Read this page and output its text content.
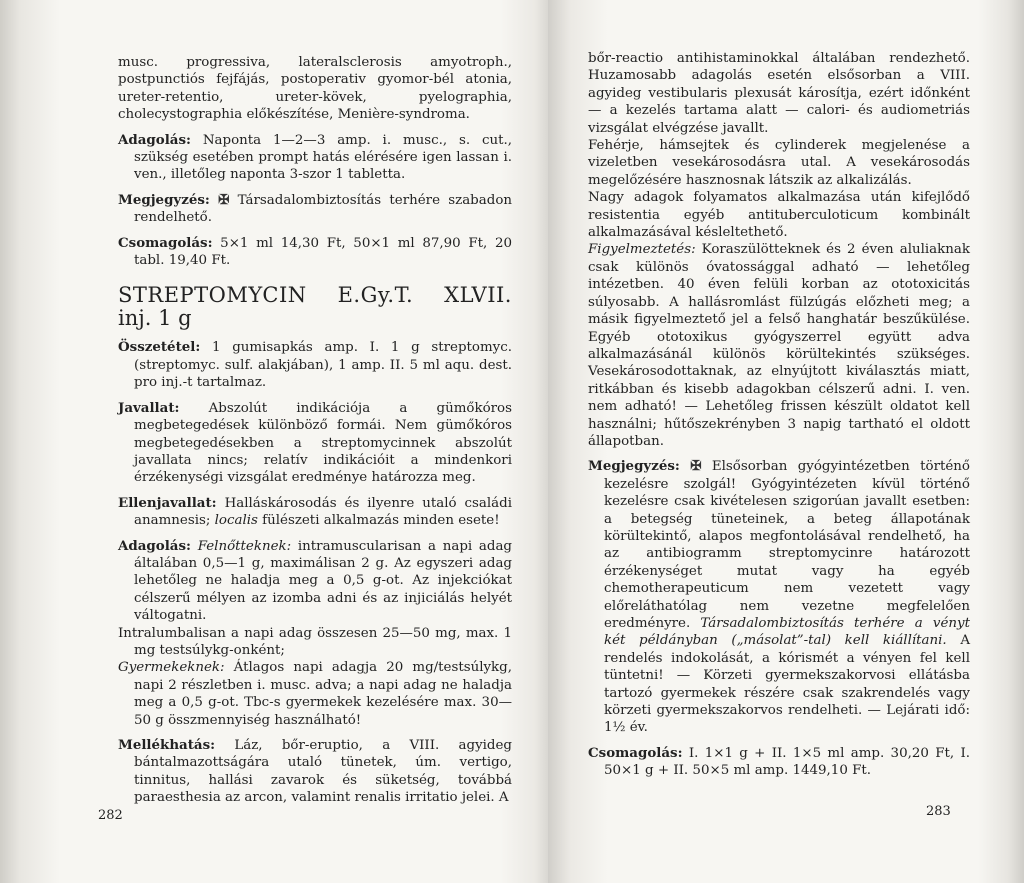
musc. progressiva, lateralsclerosis amyotroph., postpunctiós fejfájás, postoperativ gyomor-bél atonia, ureter-retentio, ureter-kövek, pyelographia, cholecystographia előkészítése, Menière-syndroma.

Adagolás: Naponta 1—2—3 amp. i. musc., s. cut., szükség esetében prompt hatás elérésére igen lassan i. ven., illetőleg naponta 3-szor 1 tabletta.

Megjegyzés: ✠ Társadalombiztosítás terhére szabadon rendelhető.

Csomagolás: 5×1 ml 14,30 Ft, 50×1 ml 87,90 Ft, 20 tabl. 19,40 Ft.

STREPTOMYCIN E.Gy.T. XLVII.
inj. 1 g

Összetétel: 1 gumisapkás amp. I. 1 g streptomyc. (streptomyc. sulf. alakjában), 1 amp. II. 5 ml aqu. dest. pro inj.-t tartalmaz.

Javallat: Abszolút indikációja a gümőkóros megbetegedések különböző formái. Nem gümőkóros megbetegedésekben a streptomycinnek abszolút javallata nincs; relatív indikációit a mindenkori érzékenységi vizsgálat eredménye határozza meg.

Ellenjavallat: Halláskárosodás és ilyenre utaló családi anamnesis; localis fülészeti alkalmazás minden esete!

Adagolás: Felnőtteknek: intramuscularisan a napi adag általában 0,5—1 g, maximálisan 2 g. Az egyszeri adag lehetőleg ne haladja meg a 0,5 g-ot. Az injekciókat célszerű mélyen az izomba adni és az injiciálás helyét váltogatni.

Intralumbalisan a napi adag összesen 25—50 mg, max. 1 mg testsúlykg-onként;

Gyermekeknek: Átlagos napi adagja 20 mg/testsúlykg, napi 2 részletben i. musc. adva; a napi adag ne haladja meg a 0,5 g-ot. Tbc-s gyermekek kezelésére max. 30—50 g összmennyiség használható!

Mellékhatás: Láz, bőr-eruptio, a VIII. agyideg bántalmazottságára utaló tünetek, úm. vertigo, tinnitus, hallási zavarok és süketség, továbbá paraesthesia az arcon, valamint renalis irritatio jelei. A

282

bőr-reactio antihistaminokkal általában rendezhető. Huzamosabb adagolás esetén elsősorban a VIII. agyideg vestibularis plexusát károsítja, ezért időnként — a kezelés tartama alatt — calori- és audiometriás vizsgálat elvégzése javallt.

Fehérje, hámsejtek és cylinderek megjelenése a vizeletben vesekárosodásra utal. A vesekárosodás megelőzésére hasznosnak látszik az alkalizálás.

Nagy adagok folyamatos alkalmazása után kifejlődő resistentia egyéb antituberculoticum kombinált alkalmazásával késleltethető.

Figyelmeztetés: Koraszülötteknek és 2 éven aluliaknak csak különös óvatossággal adható — lehetőleg intézetben. 40 éven felüli korban az ototoxicitás súlyosabb. A hallásromlást fülzúgás előzheti meg; a másik figyelmeztető jel a felső hanghatár beszűkülése. Egyéb ototoxikus gyógyszerrel együtt adva alkalmazásánál különös körültekintés szükséges. Vesekárosodottaknak, az elnyújtott kiválasztás miatt, ritkábban és kisebb adagokban célszerű adni. I. ven. nem adható! — Lehetőleg frissen készült oldatot kell használni; hűtőszekrényben 3 napig tartható el oldott állapotban.

Megjegyzés: ✠ Elsősorban gyógyintézetben történő kezelésre szolgál! Gyógyintézeten kívül történő kezelésre csak kivételesen szigorúan javallt esetben: a betegség tüneteinek, a beteg állapotának körültekintő, alapos megfontolásával rendelhető, ha az antibiogramm streptomycinre határozott érzékenységet mutat vagy ha egyéb chemotherapeuticum nem vezetett vagy előreláthatólag nem vezetne megfelelően eredményre. Társadalombiztosítás terhére a vényt két példányban („másolat”-tal) kell kiállítani. A rendelés indokolását, a kórismét a vényen fel kell tüntetni! — Körzeti gyermekszakorvosi ellátásba tartozó gyermekek részére csak szakrendelés vagy körzeti gyermekszakorvos rendelheti. — Lejárati idő: 1½ év.

Csomagolás: I. 1×1 g + II. 1×5 ml amp. 30,20 Ft, I. 50×1 g + II. 50×5 ml amp. 1449,10 Ft.

283
